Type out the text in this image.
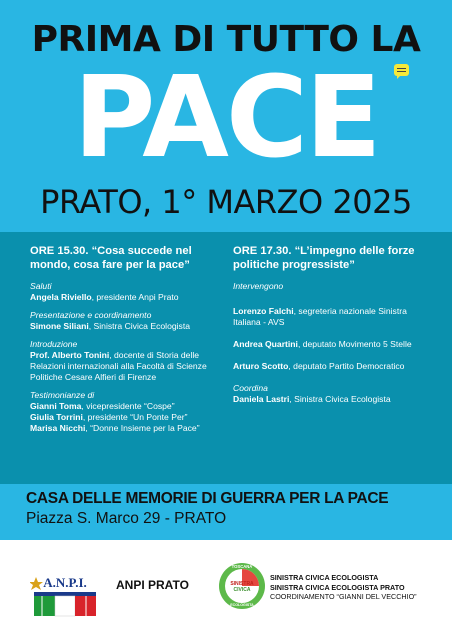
PRIMA DI TUTTO LA
PACE
PRATO, 1° MARZO 2025
ORE 15.30. “Cosa succede nel mondo, cosa fare per la pace”
Saluti
Angela Riviello, presidente Anpi Prato
Presentazione e coordinamento
Simone Siliani, Sinistra Civica Ecologista
Introduzione
Prof. Alberto Tonini, docente di Storia delle Relazioni internazionali alla Facoltà di Scienze Politiche Cesare Alfieri di Firenze
Testimonianze di
Gianni Toma, vicepresidente “Cospe”
Giulia Torrini, presidente “Un Ponte Per”
Marisa Nicchi, “Donne Insieme per la Pace”
ORE 17.30. “L’impegno delle forze politiche progressiste”
Intervengono
Lorenzo Falchi, segreteria nazionale Sinistra Italiana - AVS
Andrea Quartini, deputato Movimento 5 Stelle
Arturo Scotto, deputato Partito Democratico
Coordina
Daniela Lastri, Sinistra Civica Ecologista
CASA DELLE MEMORIE DI GUERRA PER LA PACE
Piazza S. Marco 29 - PRATO
A.N.P.I. ANPI PRATO
TOSCANA
SINISTRA
CIVICA
ECOLOGISTA
SINISTRA CIVICA ECOLOGISTA
SINISTRA CIVICA ECOLOGISTA PRATO
COORDINAMENTO “GIANNI DEL VECCHIO”
